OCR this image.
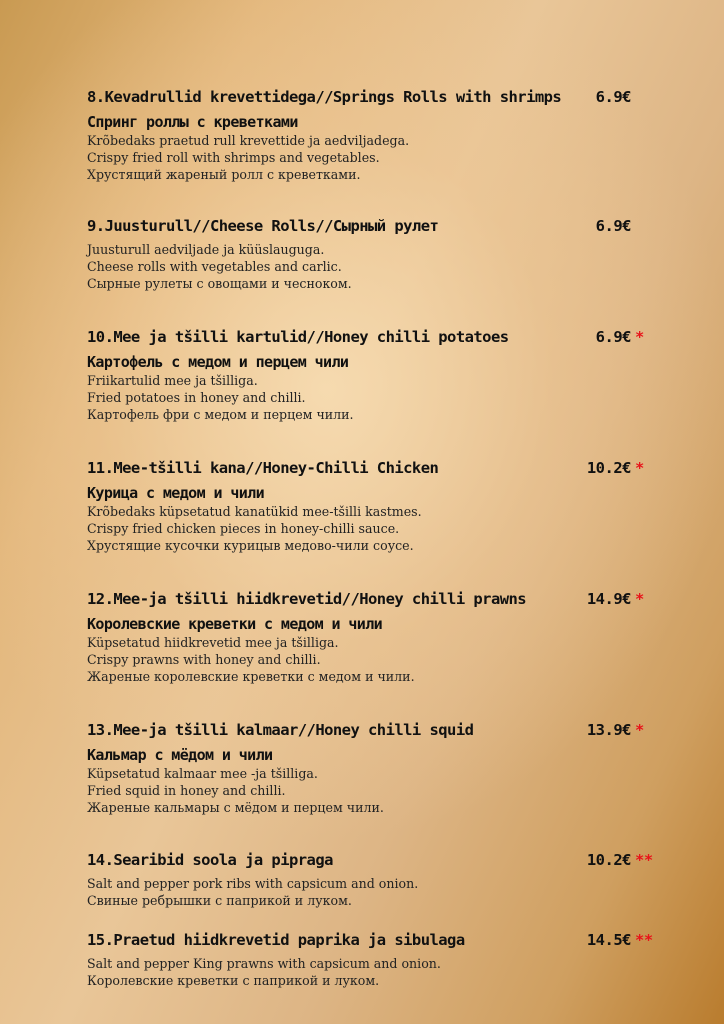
8.Kevadrullid krevettidega//Springs Rolls with shrimps	6.9€
Спринг роллы с креветками
Krõbedaks praetud rull krevettide ja aedviljadega.
Crispy fried roll with shrimps and vegetables.
Хрустящий жареный ролл с креветками.
9.Juusturull//Cheese Rolls//Сырный рулет	6.9€
Juusturull aedviljade ja küüslauguga.
Cheese rolls with vegetables and carlic.
Сырные рулеты с овощами и чесноком.
10.Mee ja tšilli kartulid//Honey chilli potatoes	6.9€ *
Картофель с медом и перцем чили
Friikartulid mee ja tšilliga.
Fried potatoes in honey and chilli.
Картофель фри с медом и перцем чили.
11.Mee-tšilli kana//Honey-Chilli Chicken	10.2€ *
Курица с медом и чили
Krõbedaks küpsetatud kanatükid mee-tšilli kastmes.
Crispy fried chicken pieces in honey-chilli sauce.
Хрустящие кусочки курицыв медово-чили соусе.
12.Mee-ja tšilli hiidkrevetid//Honey chilli prawns	14.9€ *
Королевские креветки с медом и чили
Küpsetatud hiidkrevetid mee ja tšilliga.
Crispy prawns with honey and chilli.
Жареные королевские креветки с медом и чили.
13.Mee-ja tšilli kalmaar//Honey chilli squid	13.9€ *
Кальмар с мёдом и чили
Küpsetatud kalmaar mee -ja tšilliga.
Fried squid in honey and chilli.
Жареные кальмары с мёдом и перцем чили.
14.Searibid soola ja pipraga	10.2€ **
Salt and pepper pork ribs with capsicum and onion.
Свиные ребрышки с паприкой и луком.
15.Praetud hiidkrevetid paprika ja sibulaga	14.5€ **
Salt and pepper King prawns with capsicum and onion.
Королевские креветки с паприкой и луком.
